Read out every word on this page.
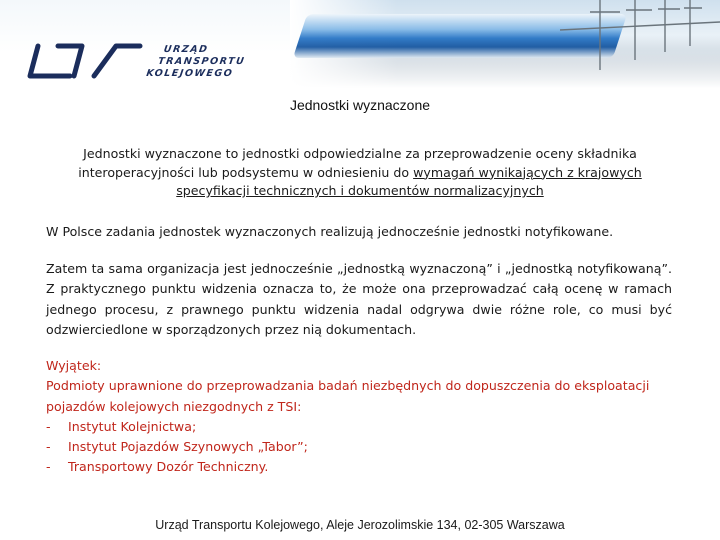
URZĄD
TRANSPORTU
KOLEJOWEGO
Jednostki wyznaczone
Jednostki wyznaczone to jednostki odpowiedzialne za przeprowadzenie oceny składnika interoperacyjności lub podsystemu w odniesieniu do wymagań wynikających z krajowych specyfikacji technicznych i dokumentów normalizacyjnych
W Polsce zadania jednostek wyznaczonych realizują jednocześnie jednostki notyfikowane.
Zatem ta sama organizacja jest jednocześnie „jednostką wyznaczoną” i „jednostką notyfikowaną”. Z praktycznego punktu widzenia oznacza to, że może ona przeprowadzać całą ocenę w ramach jednego procesu, z prawnego punktu widzenia nadal odgrywa dwie różne role, co musi być odzwierciedlone w sporządzonych przez nią dokumentach.
Wyjątek:
Podmioty uprawnione do przeprowadzania badań niezbędnych do dopuszczenia do eksploatacji pojazdów kolejowych niezgodnych z TSI:
- Instytut Kolejnictwa;
- Instytut Pojazdów Szynowych „Tabor”;
- Transportowy Dozór Techniczny.
Urząd Transportu Kolejowego, Aleje Jerozolimskie 134, 02-305 Warszawa
